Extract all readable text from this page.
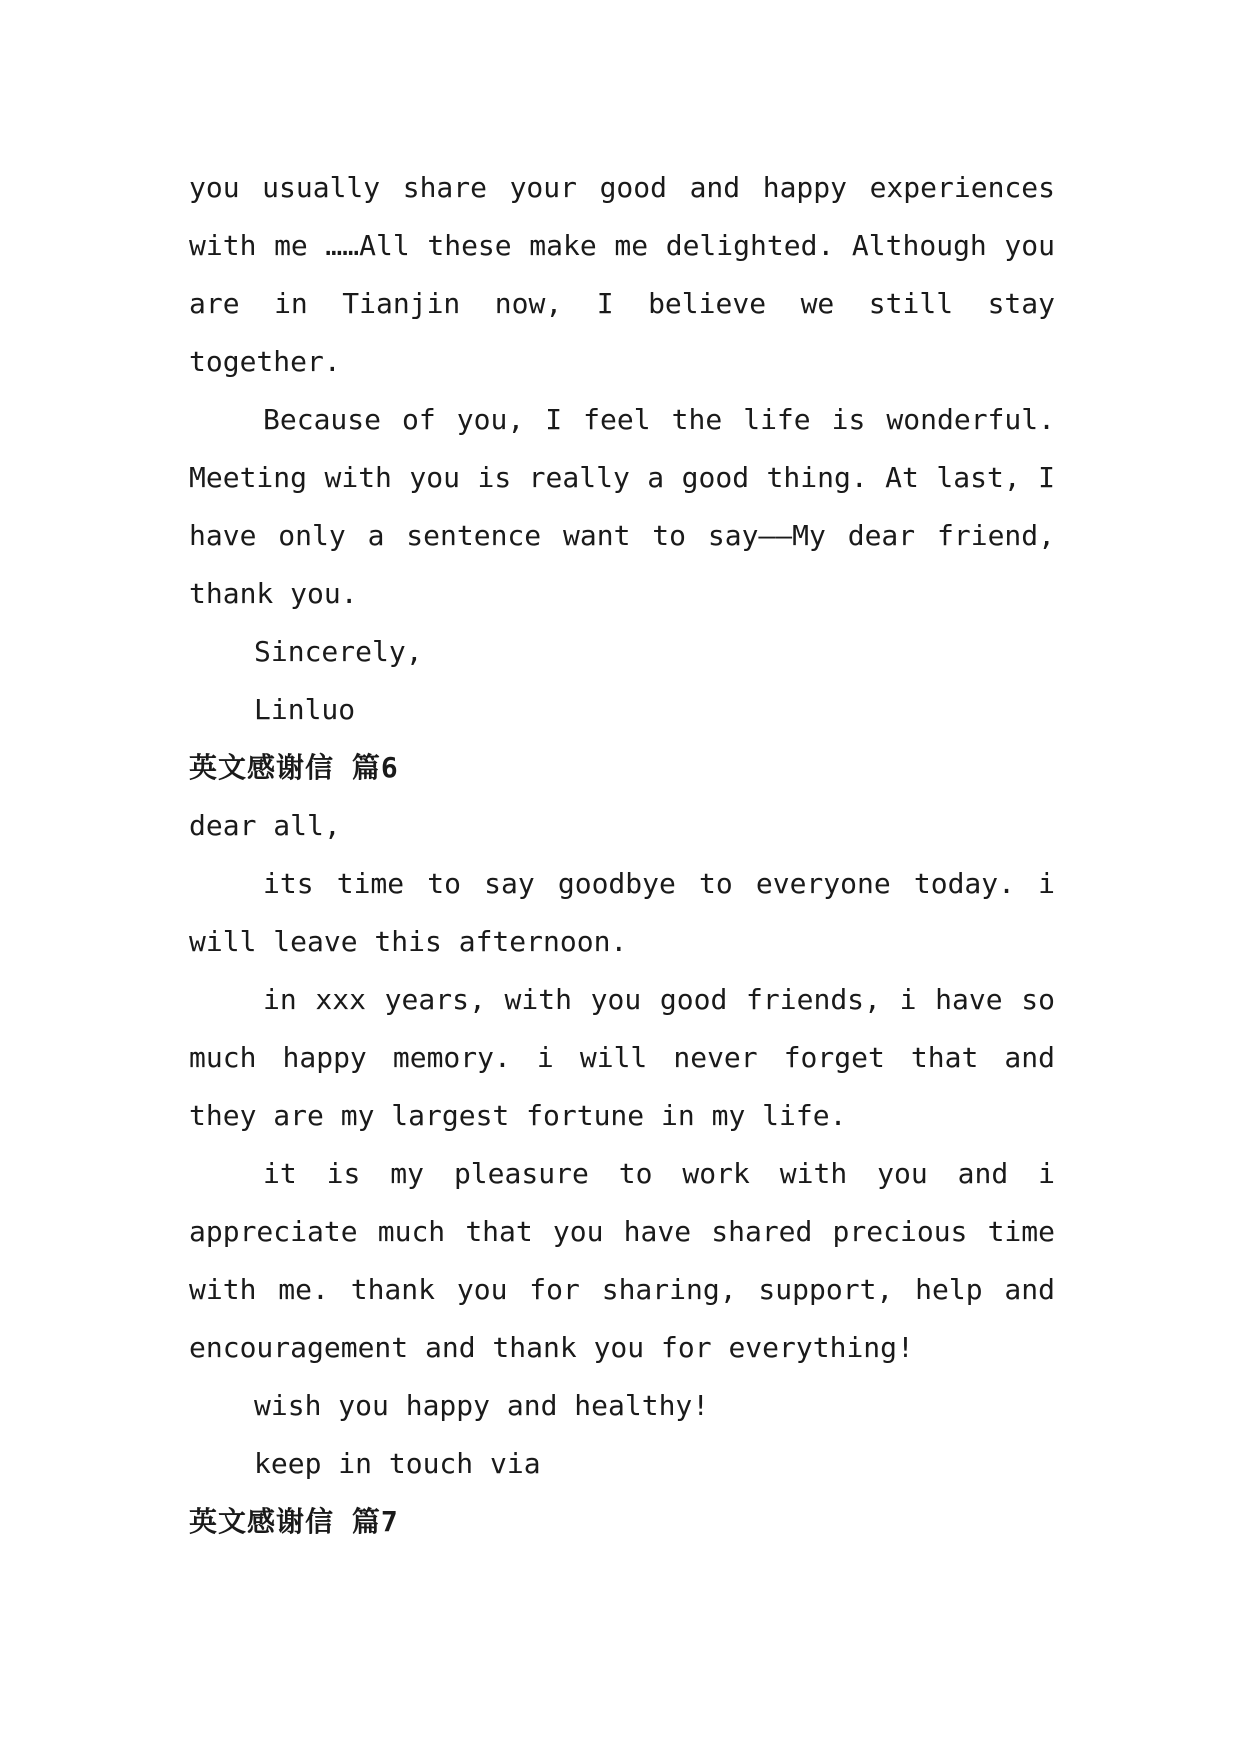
you usually share your good and happy experiences with me ……All these make me delighted. Although you are in Tianjin now, I believe we still stay together.

Because of you, I feel the life is wonderful. Meeting with you is really a good thing. At last, I have only a sentence want to say——My dear friend, thank you.

Sincerely,

Linluo

英文感谢信 篇6

dear all,

its time to say goodbye to everyone today. i will leave this afternoon.

in xxx years, with you good friends, i have so much happy memory. i will never forget that and they are my largest fortune in my life.

it is my pleasure to work with you and i appreciate much that you have shared precious time with me. thank you for sharing, support, help and encouragement and thank you for everything!

wish you happy and healthy!

keep in touch via

英文感谢信 篇7
